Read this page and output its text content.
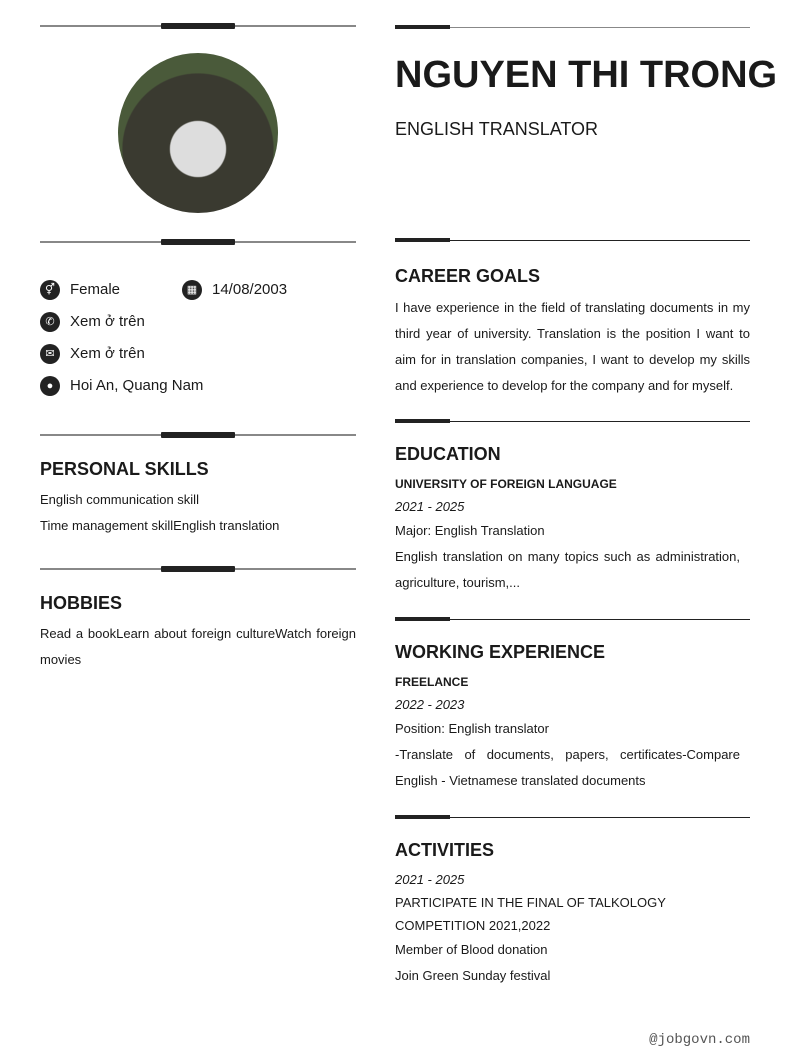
⚥ Female	▦ 14/08/2003
✆ Xem ở trên
✉ Xem ở trên
● Hoi An, Quang Nam
PERSONAL SKILLS
English communication skill
Time management skillEnglish translation
HOBBIES
Read a bookLearn about foreign cultureWatch foreign movies
NGUYEN THI TRONG
ENGLISH TRANSLATOR
CAREER GOALS
I have experience in the field of translating documents in my third year of university. Translation is the position I want to aim for in translation companies, I want to develop my skills and experience to develop for the company and for myself.
EDUCATION
UNIVERSITY OF FOREIGN LANGUAGE
2021 - 2025
Major: English Translation
English translation on many topics such as administration, agriculture, tourism,...
WORKING EXPERIENCE
FREELANCE
2022 - 2023
Position: English translator
-Translate of documents, papers, certificates-Compare English - Vietnamese translated documents
ACTIVITIES
2021 - 2025
PARTICIPATE IN THE FINAL OF TALKOLOGY COMPETITION 2021,2022
Member of Blood donation
Join Green Sunday festival
@jobgovn.com
